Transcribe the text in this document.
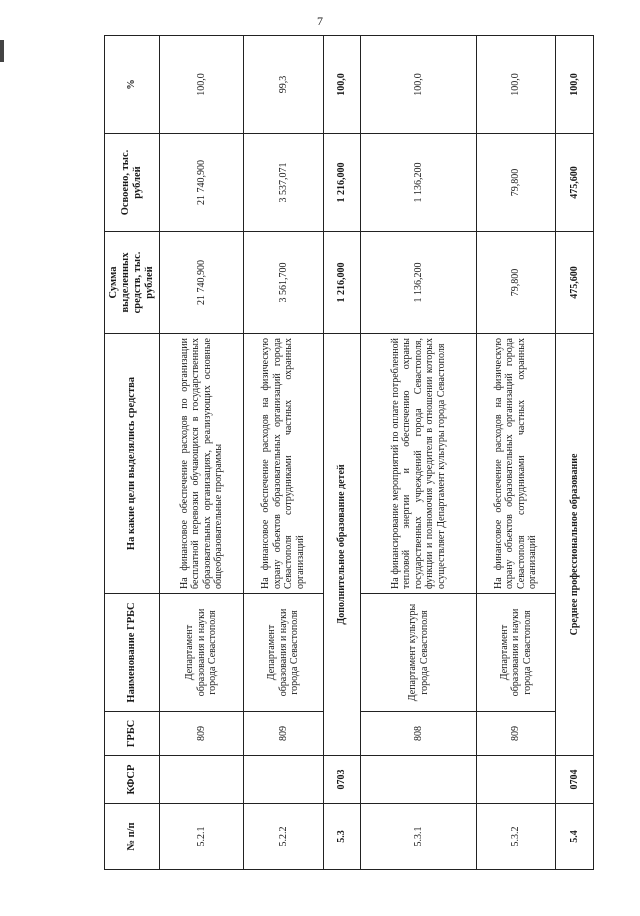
7
№ п/п	КФСР	ГРБС	Наименование ГРБС	На какие цели выделялись средства	Сумма выделенных средств, тыс. рублей	Освоено, тыс. рублей	%
5.2.1		809	Департамент образования и науки города Севастополя	На финансовое обеспечение расходов по организации бесплатной перевозки обучающихся в государственных образовательных организациях, реализующих основные общеобразовательные программы	21 740,900	21 740,900	100,0
5.2.2		809	Департамент образования и науки города Севастополя	На финансовое обеспечение расходов на физическую охрану объектов образовательных организаций города Севастополя сотрудниками частных охранных организаций	3 561,700	3 537,071	99,3
5.3	0703	Дополнительное образование детей			1 216,000	1 216,000	100,0
5.3.1		808	Департамент культуры города Севастополя	На финансирование мероприятий по оплате потребленной тепловой энергии и обеспечению охраны государственных учреждений города Севастополя, функции и полномочия учредителя в отношении которых осуществляет Департамент культуры города Севастополя	1 136,200	1 136,200	100,0
5.3.2		809	Департамент образования и науки города Севастополя	На финансовое обеспечение расходов на физическую охрану объектов образовательных организаций города Севастополя сотрудниками частных охранных организаций	79,800	79,800	100,0
5.4	0704	Среднее профессиональное образование			475,600	475,600	100,0
